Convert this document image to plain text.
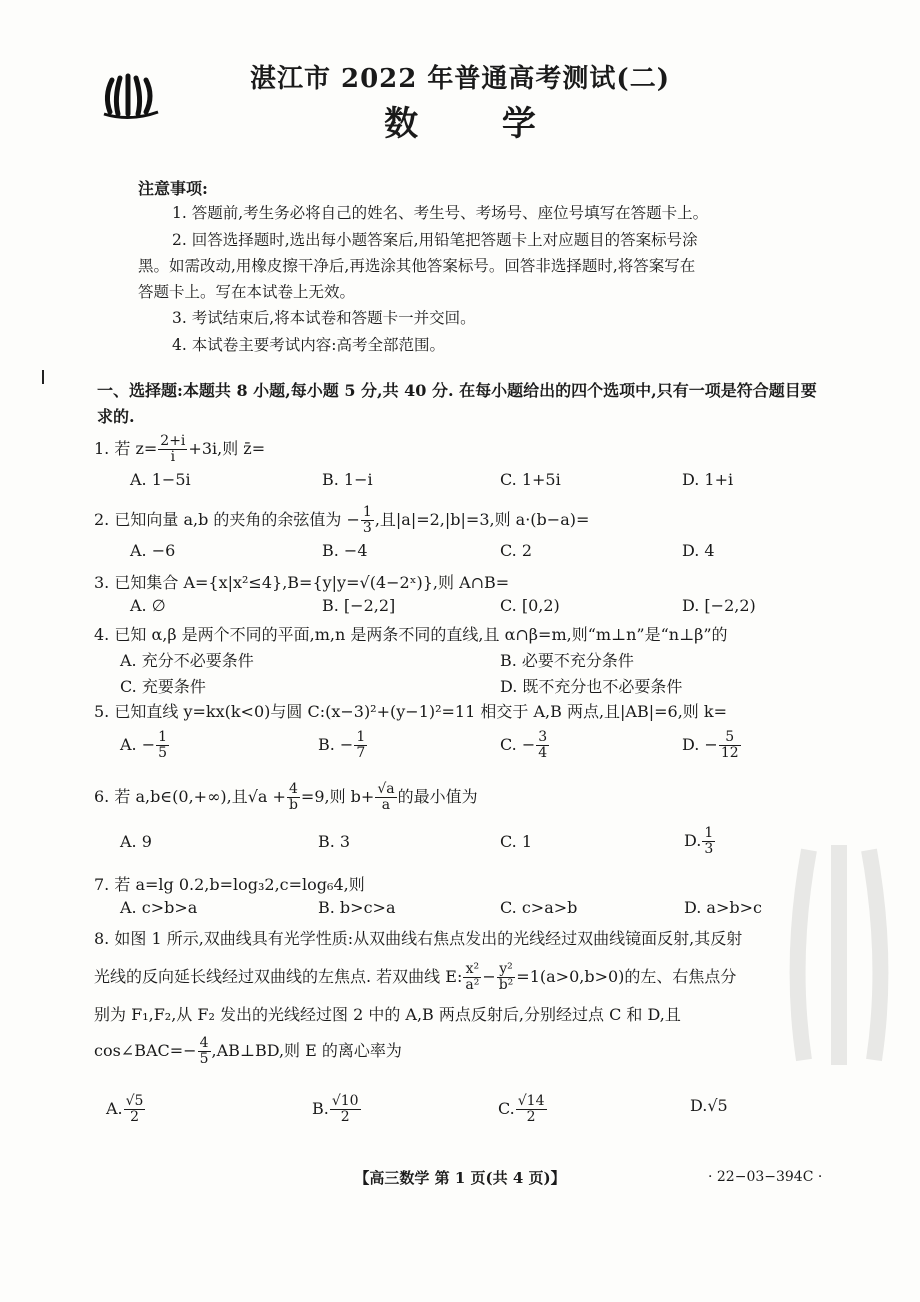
湛江市 2022 年普通高考测试(二)
数 学
注意事项:
1. 答题前,考生务必将自己的姓名、考生号、考场号、座位号填写在答题卡上。
2. 回答选择题时,选出每小题答案后,用铅笔把答题卡上对应题目的答案标号涂
黑。如需改动,用橡皮擦干净后,再选涂其他答案标号。回答非选择题时,将答案写在
答题卡上。写在本试卷上无效。
3. 考试结束后,将本试卷和答题卡一并交回。
4. 本试卷主要考试内容:高考全部范围。
一、选择题:本题共 8 小题,每小题 5 分,共 40 分. 在每小题给出的四个选项中,只有一项是符合题目要求的.
1. 若 $z= \frac{2+i}{i} +3i$,则 z̄=
A. 1−5i	B. 1−i	C. 1+5i	D. 1+i
2. 已知向量 a,b 的夹角的余弦值为 − $\frac{1}{3}$ ,且|a|=2,|b|=3,则 a·(b−a)=
A. −6	B. −4	C. 2	D. 4
3. 已知集合 A={x|x²≤4},B={y|y=√(4−2ˣ)},则 A∩B=
A. ∅	B. [−2,2]	C. [0,2)	D. [−2,2)
4. 已知 α,β 是两个不同的平面,m,n 是两条不同的直线,且 α∩β=m,则“m⊥n”是“n⊥β”的
A. 充分不必要条件	B. 必要不充分条件
C. 充要条件	D. 既不充分也不必要条件
5. 已知直线 y=kx(k<0)与圆 C:(x−3)²+(y−1)²=11 相交于 A,B 两点,且|AB|=6,则 k=
A. − $\frac{1}{5}$	B. − $\frac{1}{7}$	C. − $\frac{3}{4}$	D. − $\frac{5}{12}$
6. 若 a,b∈(0,+∞),且$√a + \frac{4}{b} =9$,则 $b+ \frac{√a}{a}$ 的最小值为
A. 9	B. 3	C. 1	D. $\frac{1}{3}$
7. 若 a=lg 0.2,b=log₃2,c=log₆4,则
A. c>b>a	B. b>c>a	C. c>a>b	D. a>b>c
8. 如图 1 所示,双曲线具有光学性质:从双曲线右焦点发出的光线经过双曲线镜面反射,其反射
光线的反向延长线经过双曲线的左焦点. 若双曲线 E: $\frac{\text{x²}}{\text{a²}} - \frac{\text{y²}}{\text{b²}} =1(a>0,b>0)$的左、右焦点分
别为 F₁,F₂,从 F₂ 发出的光线经过图 2 中的 A,B 两点反射后,分别经过点 C 和 D,且
cos∠BAC=− $\frac{4}{5}$ ,AB⊥BD,则 E 的离心率为
A. $\frac{√5}{2}$	B. $\frac{√10}{2}$	C. $\frac{√14}{2}$	D.√5
【高三数学 第 1 页(共 4 页)】	· 22−03−394C ·
